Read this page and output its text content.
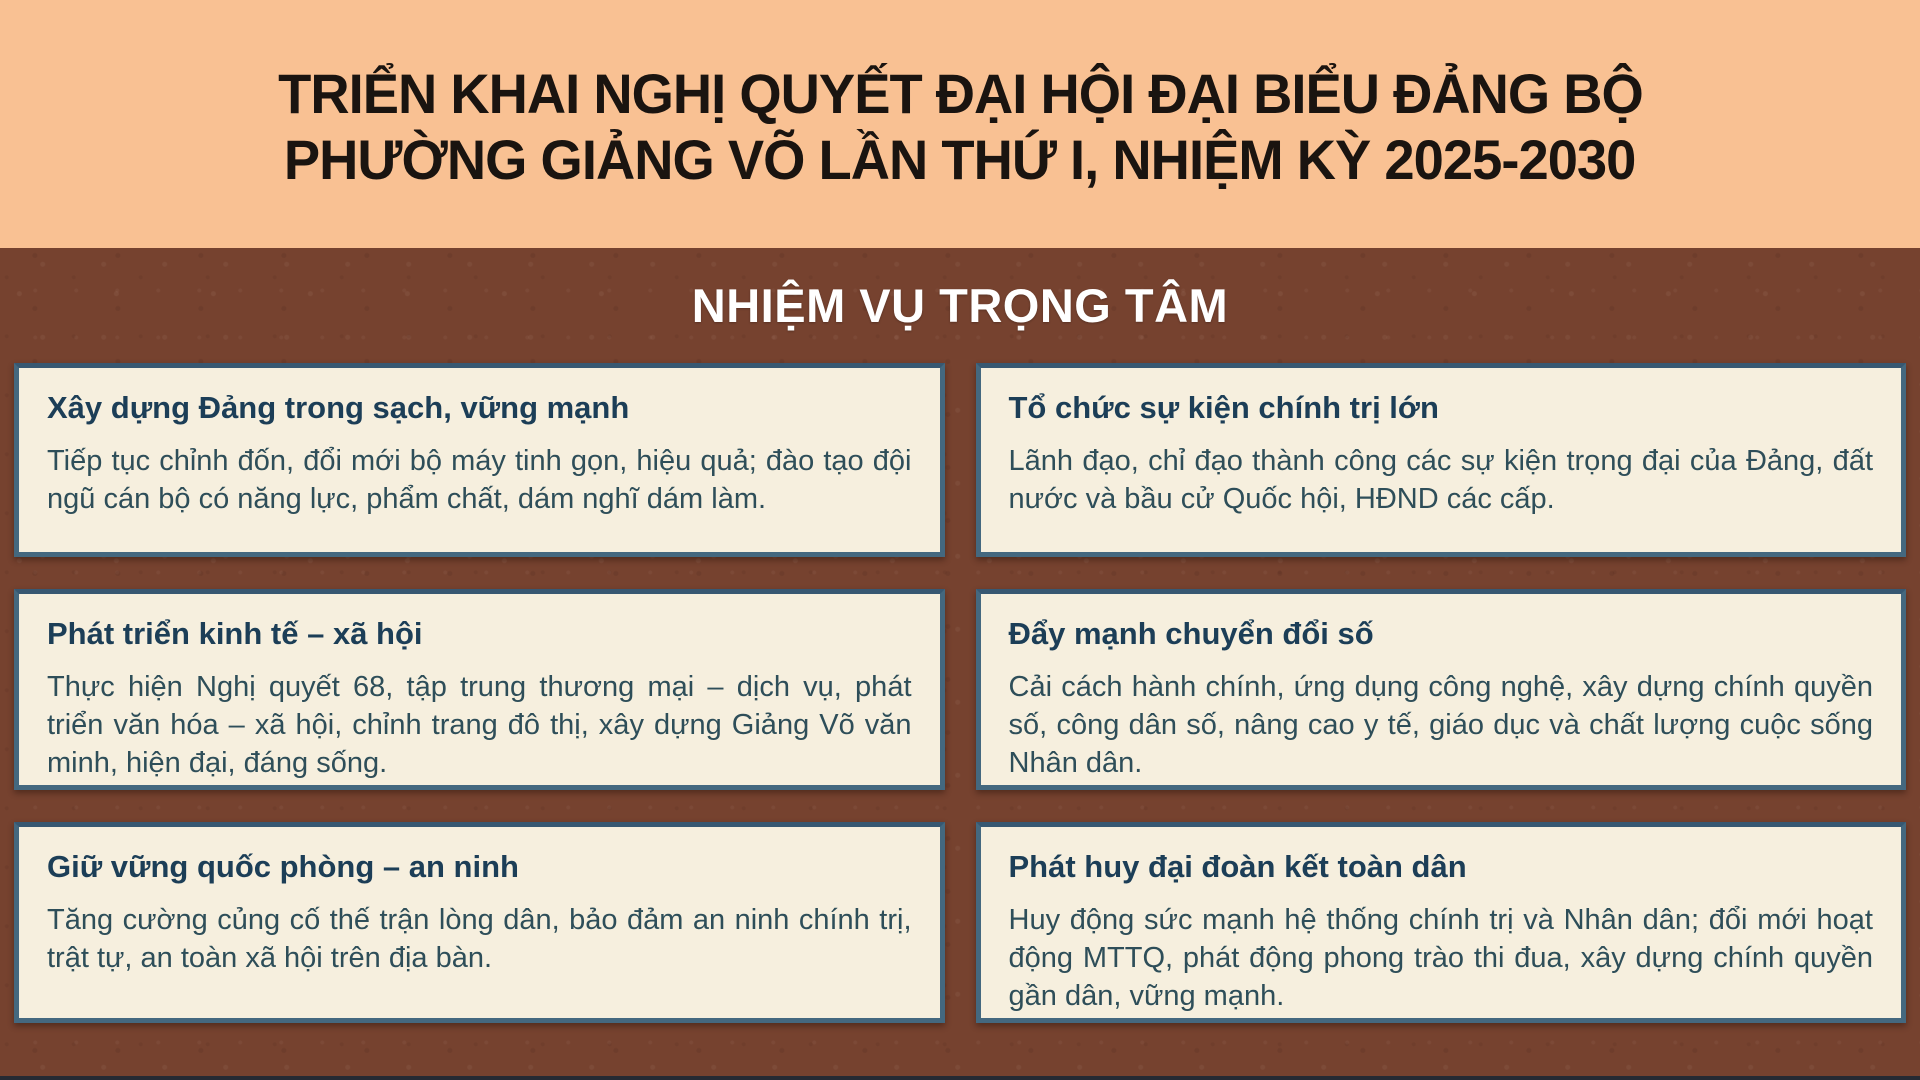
TRIỂN KHAI NGHỊ QUYẾT ĐẠI HỘI ĐẠI BIỂU ĐẢNG BỘ
PHƯỜNG GIẢNG VÕ LẦN THỨ I, NHIỆM KỲ 2025-2030
NHIỆM VỤ TRỌNG TÂM
Xây dựng Đảng trong sạch, vững mạnh

Tiếp tục chỉnh đốn, đổi mới bộ máy tinh gọn, hiệu quả; đào tạo đội ngũ cán bộ có năng lực, phẩm chất, dám nghĩ dám làm.

Tổ chức sự kiện chính trị lớn

Lãnh đạo, chỉ đạo thành công các sự kiện trọng đại của Đảng, đất nước và bầu cử Quốc hội, HĐND các cấp.

Phát triển kinh tế – xã hội

Thực hiện Nghị quyết 68, tập trung thương mại – dịch vụ, phát triển văn hóa – xã hội, chỉnh trang đô thị, xây dựng Giảng Võ văn minh, hiện đại, đáng sống.

Đẩy mạnh chuyển đổi số

Cải cách hành chính, ứng dụng công nghệ, xây dựng chính quyền số, công dân số, nâng cao y tế, giáo dục và chất lượng cuộc sống Nhân dân.

Giữ vững quốc phòng – an ninh

Tăng cường củng cố thế trận lòng dân, bảo đảm an ninh chính trị, trật tự, an toàn xã hội trên địa bàn.

Phát huy đại đoàn kết toàn dân

Huy động sức mạnh hệ thống chính trị và Nhân dân; đổi mới hoạt động MTTQ, phát động phong trào thi đua, xây dựng chính quyền gần dân, vững mạnh.
